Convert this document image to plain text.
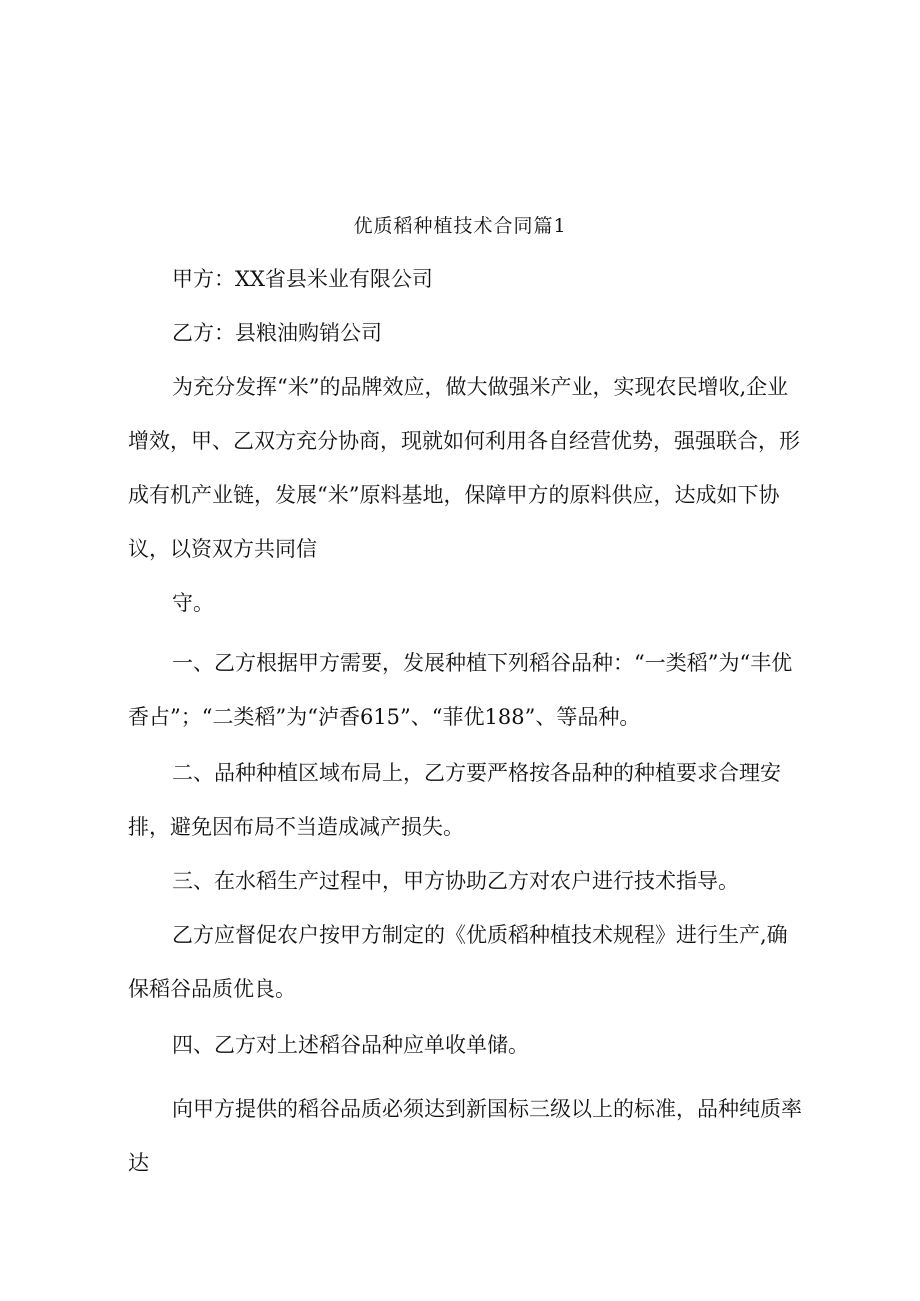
优质稻种植技术合同篇1

甲方：XX省县米业有限公司

乙方：县粮油购销公司

为充分发挥“米”的品牌效应，做大做强米产业，实现农民增收,企业增效，甲、乙双方充分协商，现就如何利用各自经营优势，强强联合，形成有机产业链，发展“米”原料基地，保障甲方的原料供应，达成如下协议，以资双方共同信

守。

一、乙方根据甲方需要，发展种植下列稻谷品种：“一类稻”为“丰优香占”；“二类稻”为“泸香615”、“菲优188”、等品种。

二、品种种植区域布局上，乙方要严格按各品种的种植要求合理安排，避免因布局不当造成减产损失。

三、在水稻生产过程中，甲方协助乙方对农户进行技术指导。

乙方应督促农户按甲方制定的《优质稻种植技术规程》进行生产,确保稻谷品质优良。

四、乙方对上述稻谷品种应单收单储。

向甲方提供的稻谷品质必须达到新国标三级以上的标准，品种纯质率达
